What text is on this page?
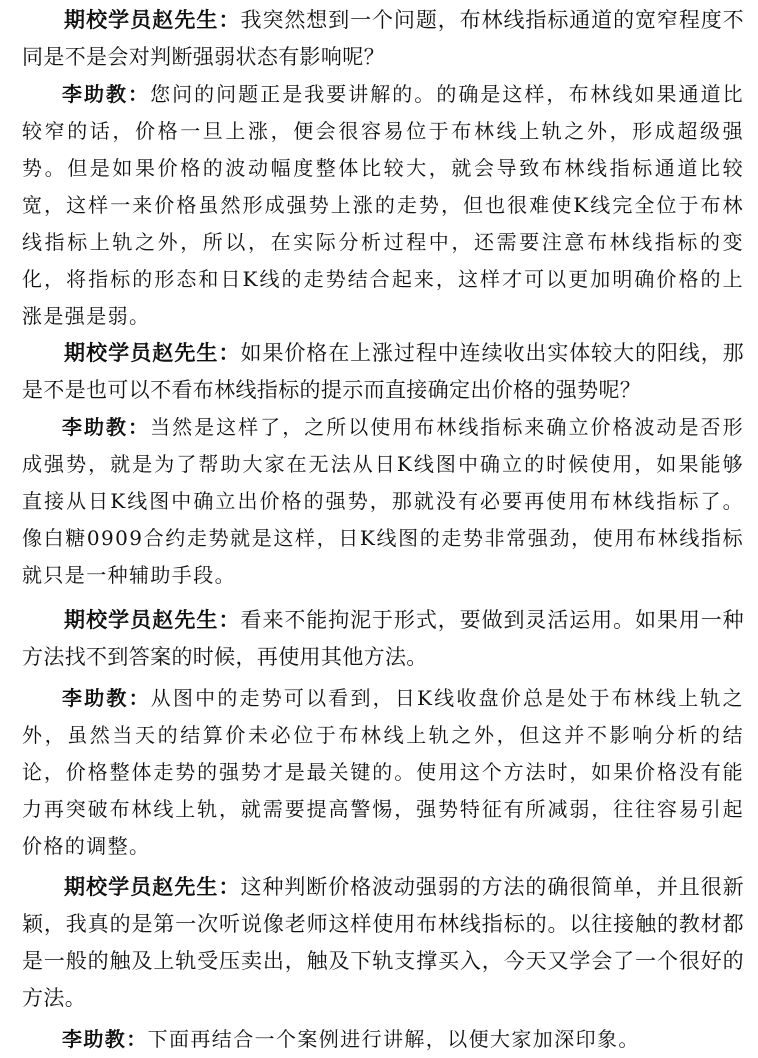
期校学员赵先生：我突然想到一个问题，布林线指标通道的宽窄程度不同是不是会对判断强弱状态有影响呢？

李助教：您问的问题正是我要讲解的。的确是这样，布林线如果通道比较窄的话，价格一旦上涨，便会很容易位于布林线上轨之外，形成超级强势。但是如果价格的波动幅度整体比较大，就会导致布林线指标通道比较宽，这样一来价格虽然形成强势上涨的走势，但也很难使K线完全位于布林线指标上轨之外，所以，在实际分析过程中，还需要注意布林线指标的变化，将指标的形态和日K线的走势结合起来，这样才可以更加明确价格的上涨是强是弱。

期校学员赵先生：如果价格在上涨过程中连续收出实体较大的阳线，那是不是也可以不看布林线指标的提示而直接确定出价格的强势呢？

李助教：当然是这样了，之所以使用布林线指标来确立价格波动是否形成强势，就是为了帮助大家在无法从日K线图中确立的时候使用，如果能够直接从日K线图中确立出价格的强势，那就没有必要再使用布林线指标了。像白糖0909合约走势就是这样，日K线图的走势非常强劲，使用布林线指标就只是一种辅助手段。

期校学员赵先生：看来不能拘泥于形式，要做到灵活运用。如果用一种方法找不到答案的时候，再使用其他方法。

李助教：从图中的走势可以看到，日K线收盘价总是处于布林线上轨之外，虽然当天的结算价未必位于布林线上轨之外，但这并不影响分析的结论，价格整体走势的强势才是最关键的。使用这个方法时，如果价格没有能力再突破布林线上轨，就需要提高警惕，强势特征有所减弱，往往容易引起价格的调整。

期校学员赵先生：这种判断价格波动强弱的方法的确很简单，并且很新颖，我真的是第一次听说像老师这样使用布林线指标的。以往接触的教材都是一般的触及上轨受压卖出，触及下轨支撑买入，今天又学会了一个很好的方法。

李助教：下面再结合一个案例进行讲解，以便大家加深印象。
